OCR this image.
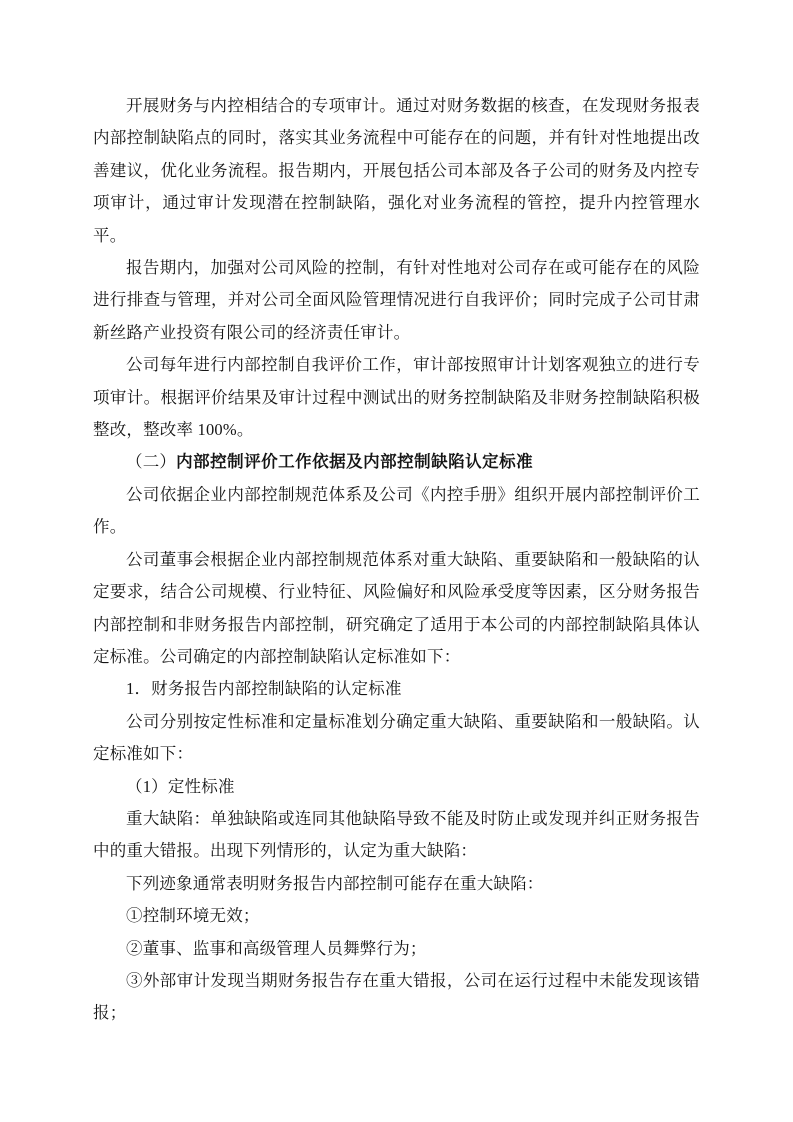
开展财务与内控相结合的专项审计。通过对财务数据的核查，在发现财务报表内部控制缺陷点的同时，落实其业务流程中可能存在的问题，并有针对性地提出改善建议，优化业务流程。报告期内，开展包括公司本部及各子公司的财务及内控专项审计，通过审计发现潜在控制缺陷，强化对业务流程的管控，提升内控管理水平。

报告期内，加强对公司风险的控制，有针对性地对公司存在或可能存在的风险进行排查与管理，并对公司全面风险管理情况进行自我评价；同时完成子公司甘肃新丝路产业投资有限公司的经济责任审计。

公司每年进行内部控制自我评价工作，审计部按照审计计划客观独立的进行专项审计。根据评价结果及审计过程中测试出的财务控制缺陷及非财务控制缺陷积极整改，整改率 100%。

（二）内部控制评价工作依据及内部控制缺陷认定标准

公司依据企业内部控制规范体系及公司《内控手册》组织开展内部控制评价工作。

公司董事会根据企业内部控制规范体系对重大缺陷、重要缺陷和一般缺陷的认定要求，结合公司规模、行业特征、风险偏好和风险承受度等因素，区分财务报告内部控制和非财务报告内部控制，研究确定了适用于本公司的内部控制缺陷具体认定标准。公司确定的内部控制缺陷认定标准如下：

1．财务报告内部控制缺陷的认定标准

公司分别按定性标准和定量标准划分确定重大缺陷、重要缺陷和一般缺陷。认定标准如下：

（1）定性标准

重大缺陷：单独缺陷或连同其他缺陷导致不能及时防止或发现并纠正财务报告中的重大错报。出现下列情形的，认定为重大缺陷：

下列迹象通常表明财务报告内部控制可能存在重大缺陷：

①控制环境无效；

②董事、监事和高级管理人员舞弊行为；

③外部审计发现当期财务报告存在重大错报，公司在运行过程中未能发现该错报；
